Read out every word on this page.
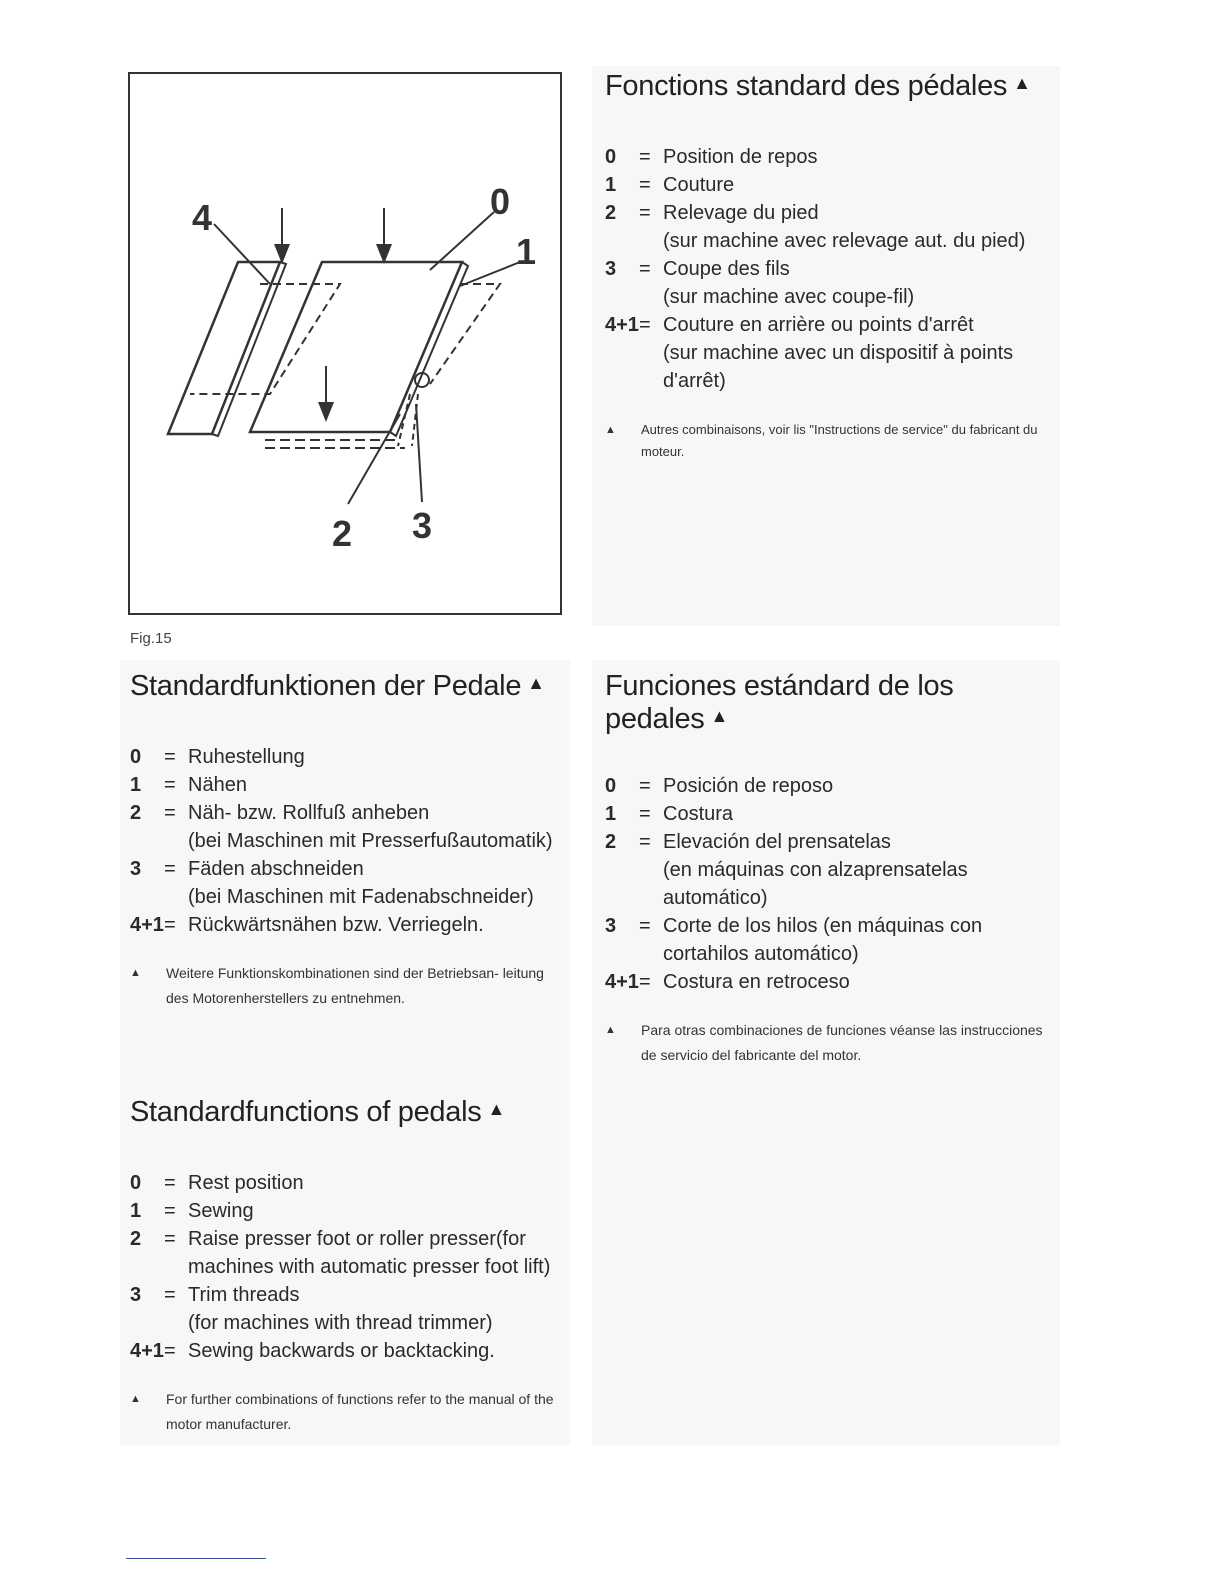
4	0
1
2 3
Fig.15
Fonctions standard des pédales ▲
0	= Position de repos
1	= Couture
2	= Relevage du pied
(sur machine avec relevage aut. du pied)
3	= Coupe des fils
(sur machine avec coupe-fil)
4+1 = Couture en arrière ou points d'arrêt
(sur machine avec un dispositif à points
d'arrêt)
▲	Autres combinaisons, voir lis "Instructions de service" du fabricant du moteur.
Standardfunktionen der Pedale ▲
0	= Ruhestellung
1	= Nähen
2	= Näh- bzw. Rollfuß anheben
(bei Maschinen mit Presserfußautomatik)
3	= Fäden abschneiden
(bei Maschinen mit Fadenabschneider)
4+1 = Rückwärtsnähen bzw. Verriegeln.
▲	Weitere Funktionskombinationen sind der Betriebsan- leitung des Motorenherstellers zu entnehmen.
Funciones estándard de los pedales ▲
0	= Posición de reposo
1	= Costura
2	= Elevación del prensatelas
(en máquinas con alzaprensatelas
automático)
3	= Corte de los hilos (en máquinas con
cortahilos automático)
4+1 = Costura en retroceso
▲	Para otras combinaciones de funciones véanse las instrucciones de servicio del fabricante del motor.
Standardfunctions of pedals ▲
0	= Rest position
1	= Sewing
2	= Raise presser foot or roller presser(for
machines with automatic presser foot lift)
3	= Trim threads
(for machines with thread trimmer)
4+1 = Sewing backwards or backtacking.
▲	For further combinations of functions refer to the manual of the motor manufacturer.
